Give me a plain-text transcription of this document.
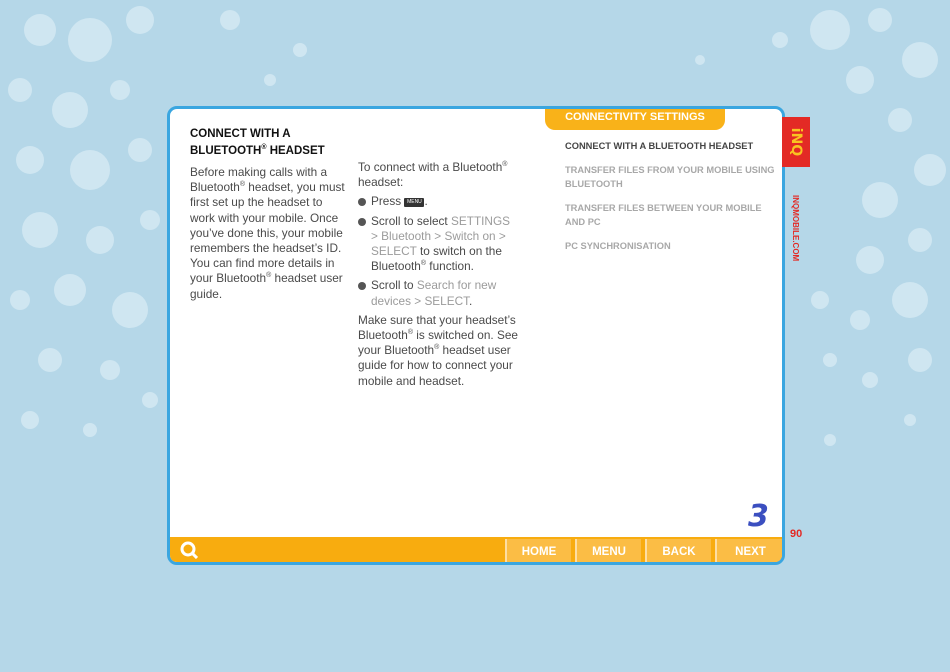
CONNECT WITH A
BLUETOOTH® HEADSET

Before making calls with a Bluetooth® headset, you must first set up the headset to work with your mobile. Once you’ve done this, your mobile remembers the headset’s ID. You can find more details in your Bluetooth® headset user guide.

To connect with a Bluetooth® headset:

Press MENU .
Scroll to select SETTINGS > Bluetooth > Switch on > SELECT to switch on the Bluetooth® function.
Scroll to Search for new devices > SELECT.

Make sure that your headset’s Bluetooth® is switched on. See your Bluetooth® headset user guide for how to connect your mobile and headset.

CONNECTIVITY SETTINGS
CONNECT WITH A BLUETOOTH HEADSET
TRANSFER FILES FROM YOUR MOBILE USING BLUETOOTH
TRANSFER FILES BETWEEN YOUR MOBILE AND PC
PC SYNCHRONISATION
3
HOME	MENU	BACK	NEXT
iNQ
INQMOBILE.COM
90
